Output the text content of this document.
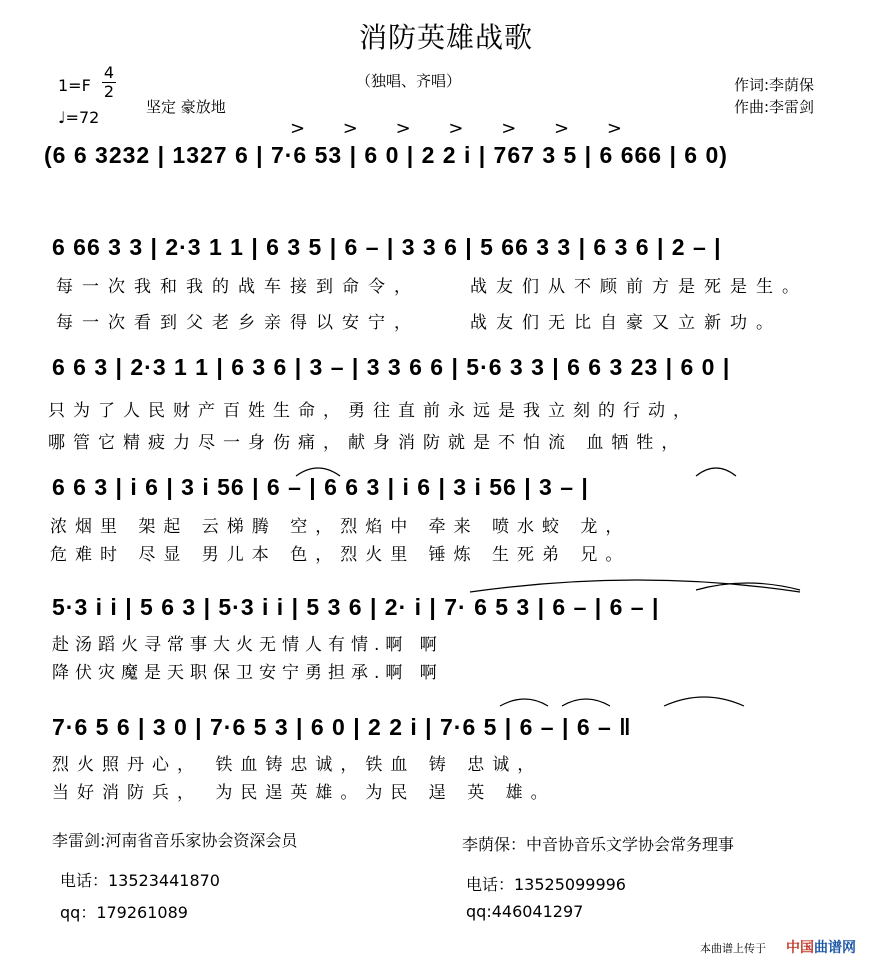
消防英雄战歌
（独唱、齐唱）
$1=F \frac{4}{2}$
♩=72
坚定 豪放地
作词:李荫保
作曲:李雷剑
> > > > > > >
(6 6 3232 | 1327 6 | 7·6 53 | 6 0 | 2 2 i | 767 3 5 | 6 666 | 6 0)
6 66 3 3 | 2·3 1 1 | 6 3 5 | 6 – | 3 3 6 | 5 66 3 3 | 6 3 6 | 2 – |
每一次我和我的战车接到命令，	战友们从不顾前方是死是生。
每一次看到父老乡亲得以安宁，	战友们无比自豪又立新功。
6 6 3 | 2·3 1 1 | 6 3 6 | 3 – | 3 3 6 6 | 5·6 3 3 | 6 6 3 23 | 6 0 |
只为了人民财产百姓生命，勇往直前永远是我立刻的行动，
哪管它精疲力尽一身伤痛，献身消防就是不怕流 血牺牲，
6 6 3 | i 6 | 3 i 56 | 6 – | 6 6 3 | i 6 | 3 i 56 | 3 – |
浓烟里 架起 云梯腾 空，烈焰中 牵来 喷水蛟 龙，
危难时 尽显 男儿本 色，烈火里 锤炼 生死弟 兄。
5·3 i i | 5 6 3 | 5·3 i i | 5 3 6 | 2· i | 7· 6 5 3 | 6 – | 6 – |
赴汤蹈火寻常事大火无情人有情.啊 啊
降伏灾魔是天职保卫安宁勇担承.啊 啊
7·6 5 6 | 3 0 | 7·6 5 3 | 6 0 | 2 2 i | 7·6 5 | 6 – | 6 – ‖
烈火照丹心， 铁血铸忠诚，铁血 铸 忠诚，
当好消防兵， 为民逞英雄。为民 逞 英 雄。
李雷剑:河南省音乐家协会资深会员
电话：13523441870
qq：179261089
李荫保：中音协音乐文学协会常务理事
电话：13525099996
qq:446041297
本曲谱上传于 中国曲谱网
